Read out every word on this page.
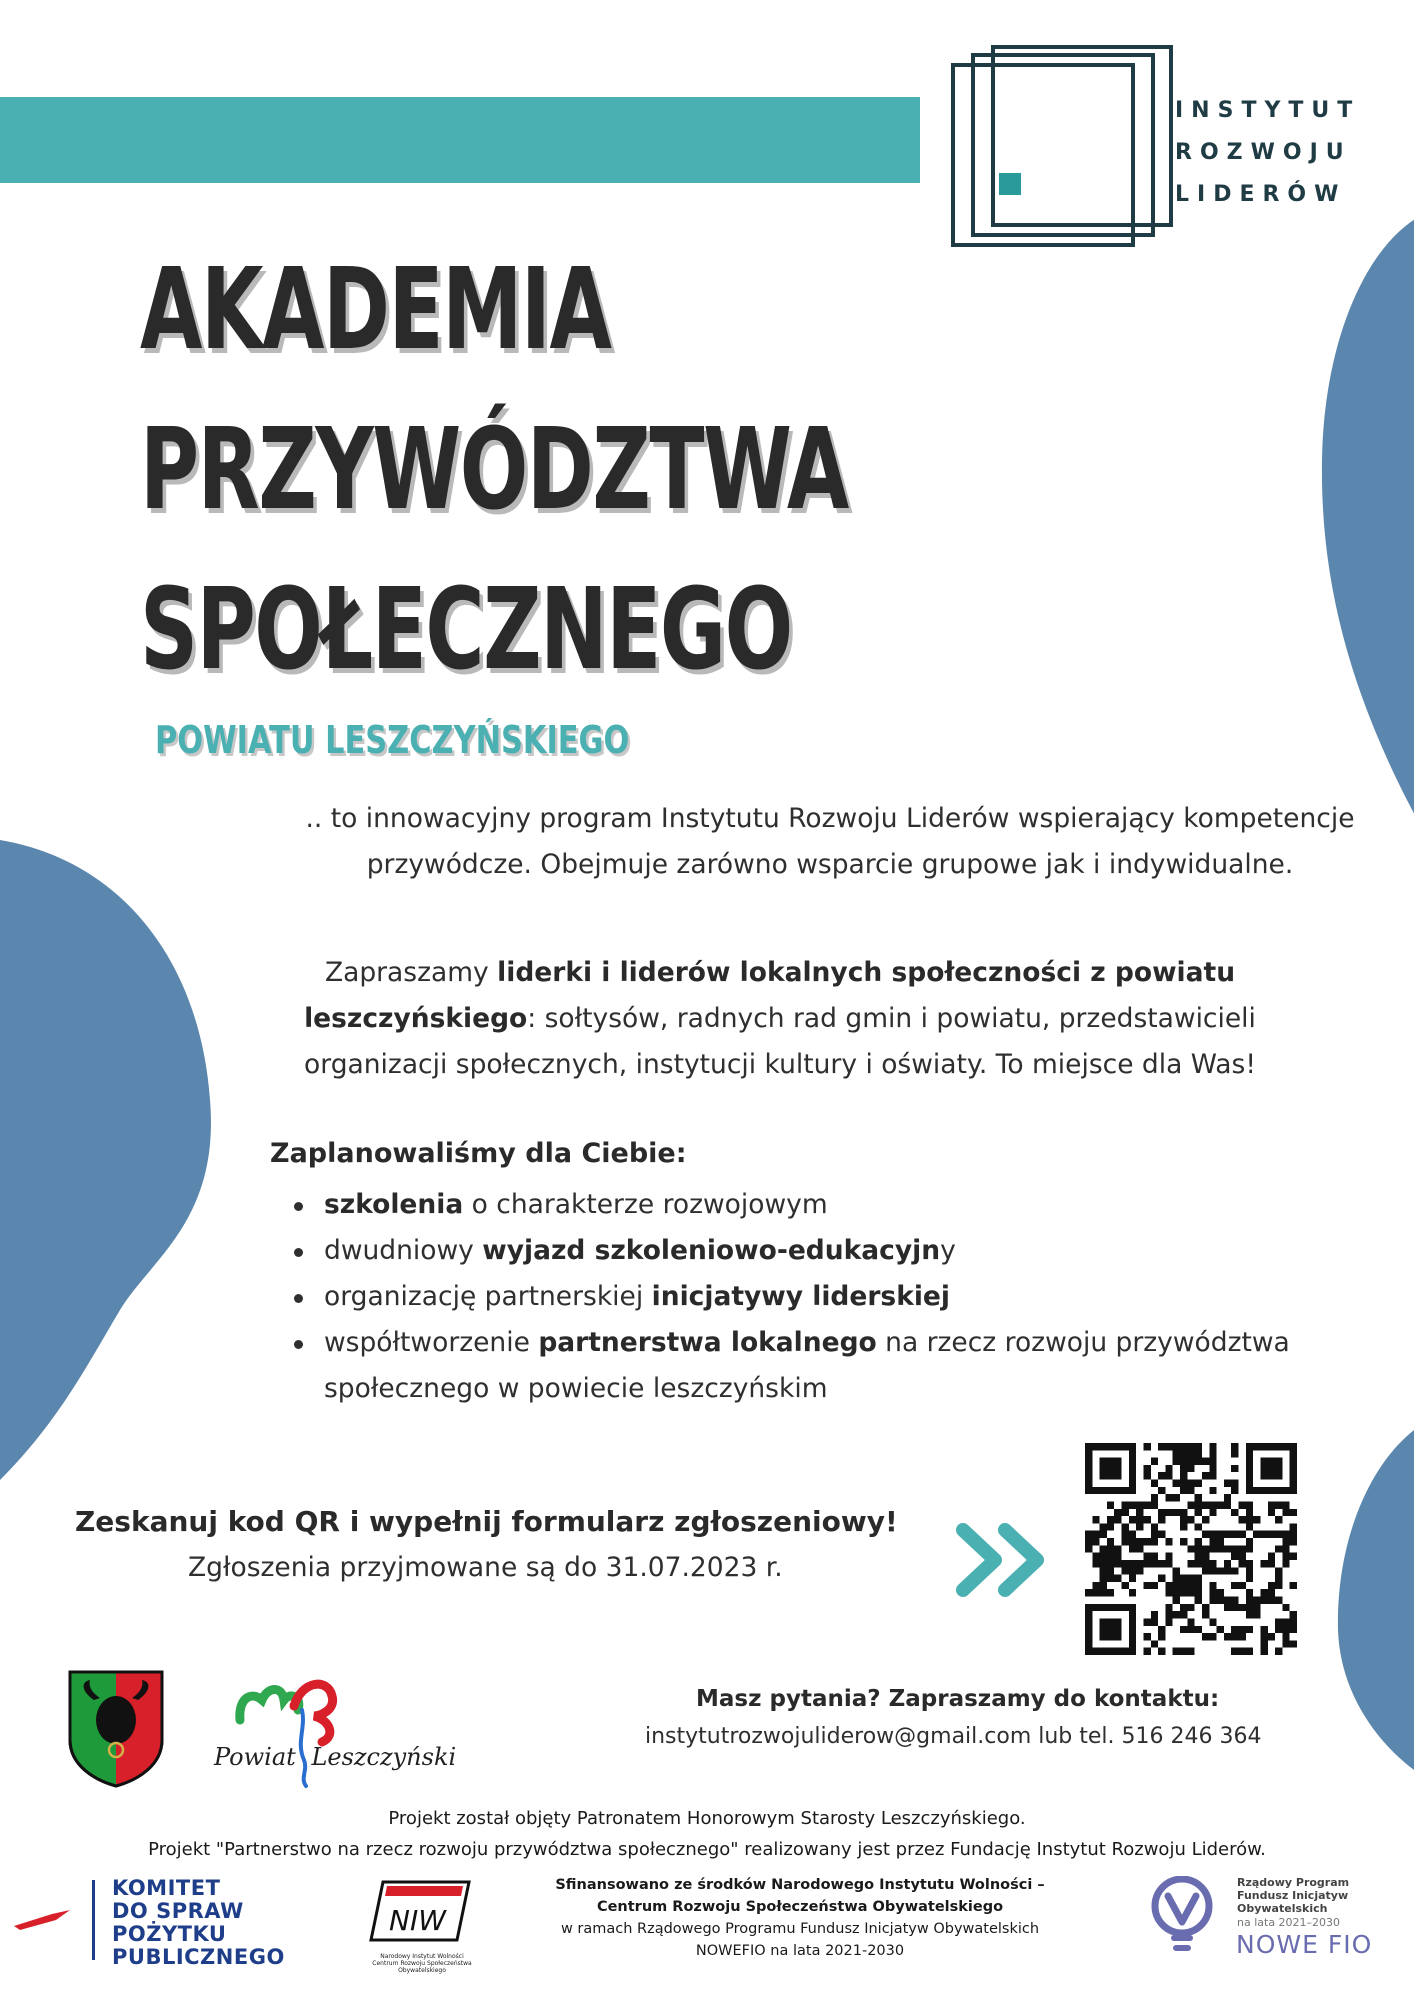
INSTYTUT
ROZWOJU
LIDERÓW
AKADEMIA
PRZYWÓDZTWA
SPOŁECZNEGO
POWIATU LESZCZYŃSKIEGO
.. to innowacyjny program Instytutu Rozwoju Liderów wspierający kompetencje
przywódcze. Obejmuje zarówno wsparcie grupowe jak i indywidualne.
Zapraszamy liderki i liderów lokalnych społeczności z powiatu leszczyńskiego: sołtysów, radnych rad gmin i powiatu, przedstawicieli organizacji społecznych, instytucji kultury i oświaty. To miejsce dla Was!
Zaplanowaliśmy dla Ciebie:
szkolenia o charakterze rozwojowym
dwudniowy wyjazd szkoleniowo-edukacyjny
organizację partnerskiej inicjatywy liderskiej
współtworzenie partnerstwa lokalnego na rzecz rozwoju przywództwa społecznego w powiecie leszczyńskim
Zeskanuj kod QR i wypełnij formularz zgłoszeniowy!
Zgłoszenia przyjmowane są do 31.07.2023 r.
Powiat Leszczyński
Masz pytania? Zapraszamy do kontaktu:
instytutrozwojuliderow@gmail.com lub tel. 516 246 364
Projekt został objęty Patronatem Honorowym Starosty Leszczyńskiego.
Projekt "Partnerstwo na rzecz rozwoju przywództwa społecznego" realizowany jest przez Fundację Instytut Rozwoju Liderów.
KOMITET
DO SPRAW
POŻYTKU
PUBLICZNEGO
NIW
Narodowy Instytut Wolności
Centrum Rozwoju Społeczeństwa Obywatelskiego
Sfinansowano ze środków Narodowego Instytutu Wolności –
Centrum Rozwoju Społeczeństwa Obywatelskiego
w ramach Rządowego Programu Fundusz Inicjatyw Obywatelskich
NOWEFIO na lata 2021-2030
Rządowy Program
Fundusz Inicjatyw
Obywatelskich
na lata 2021–2030
NOWE FIO
